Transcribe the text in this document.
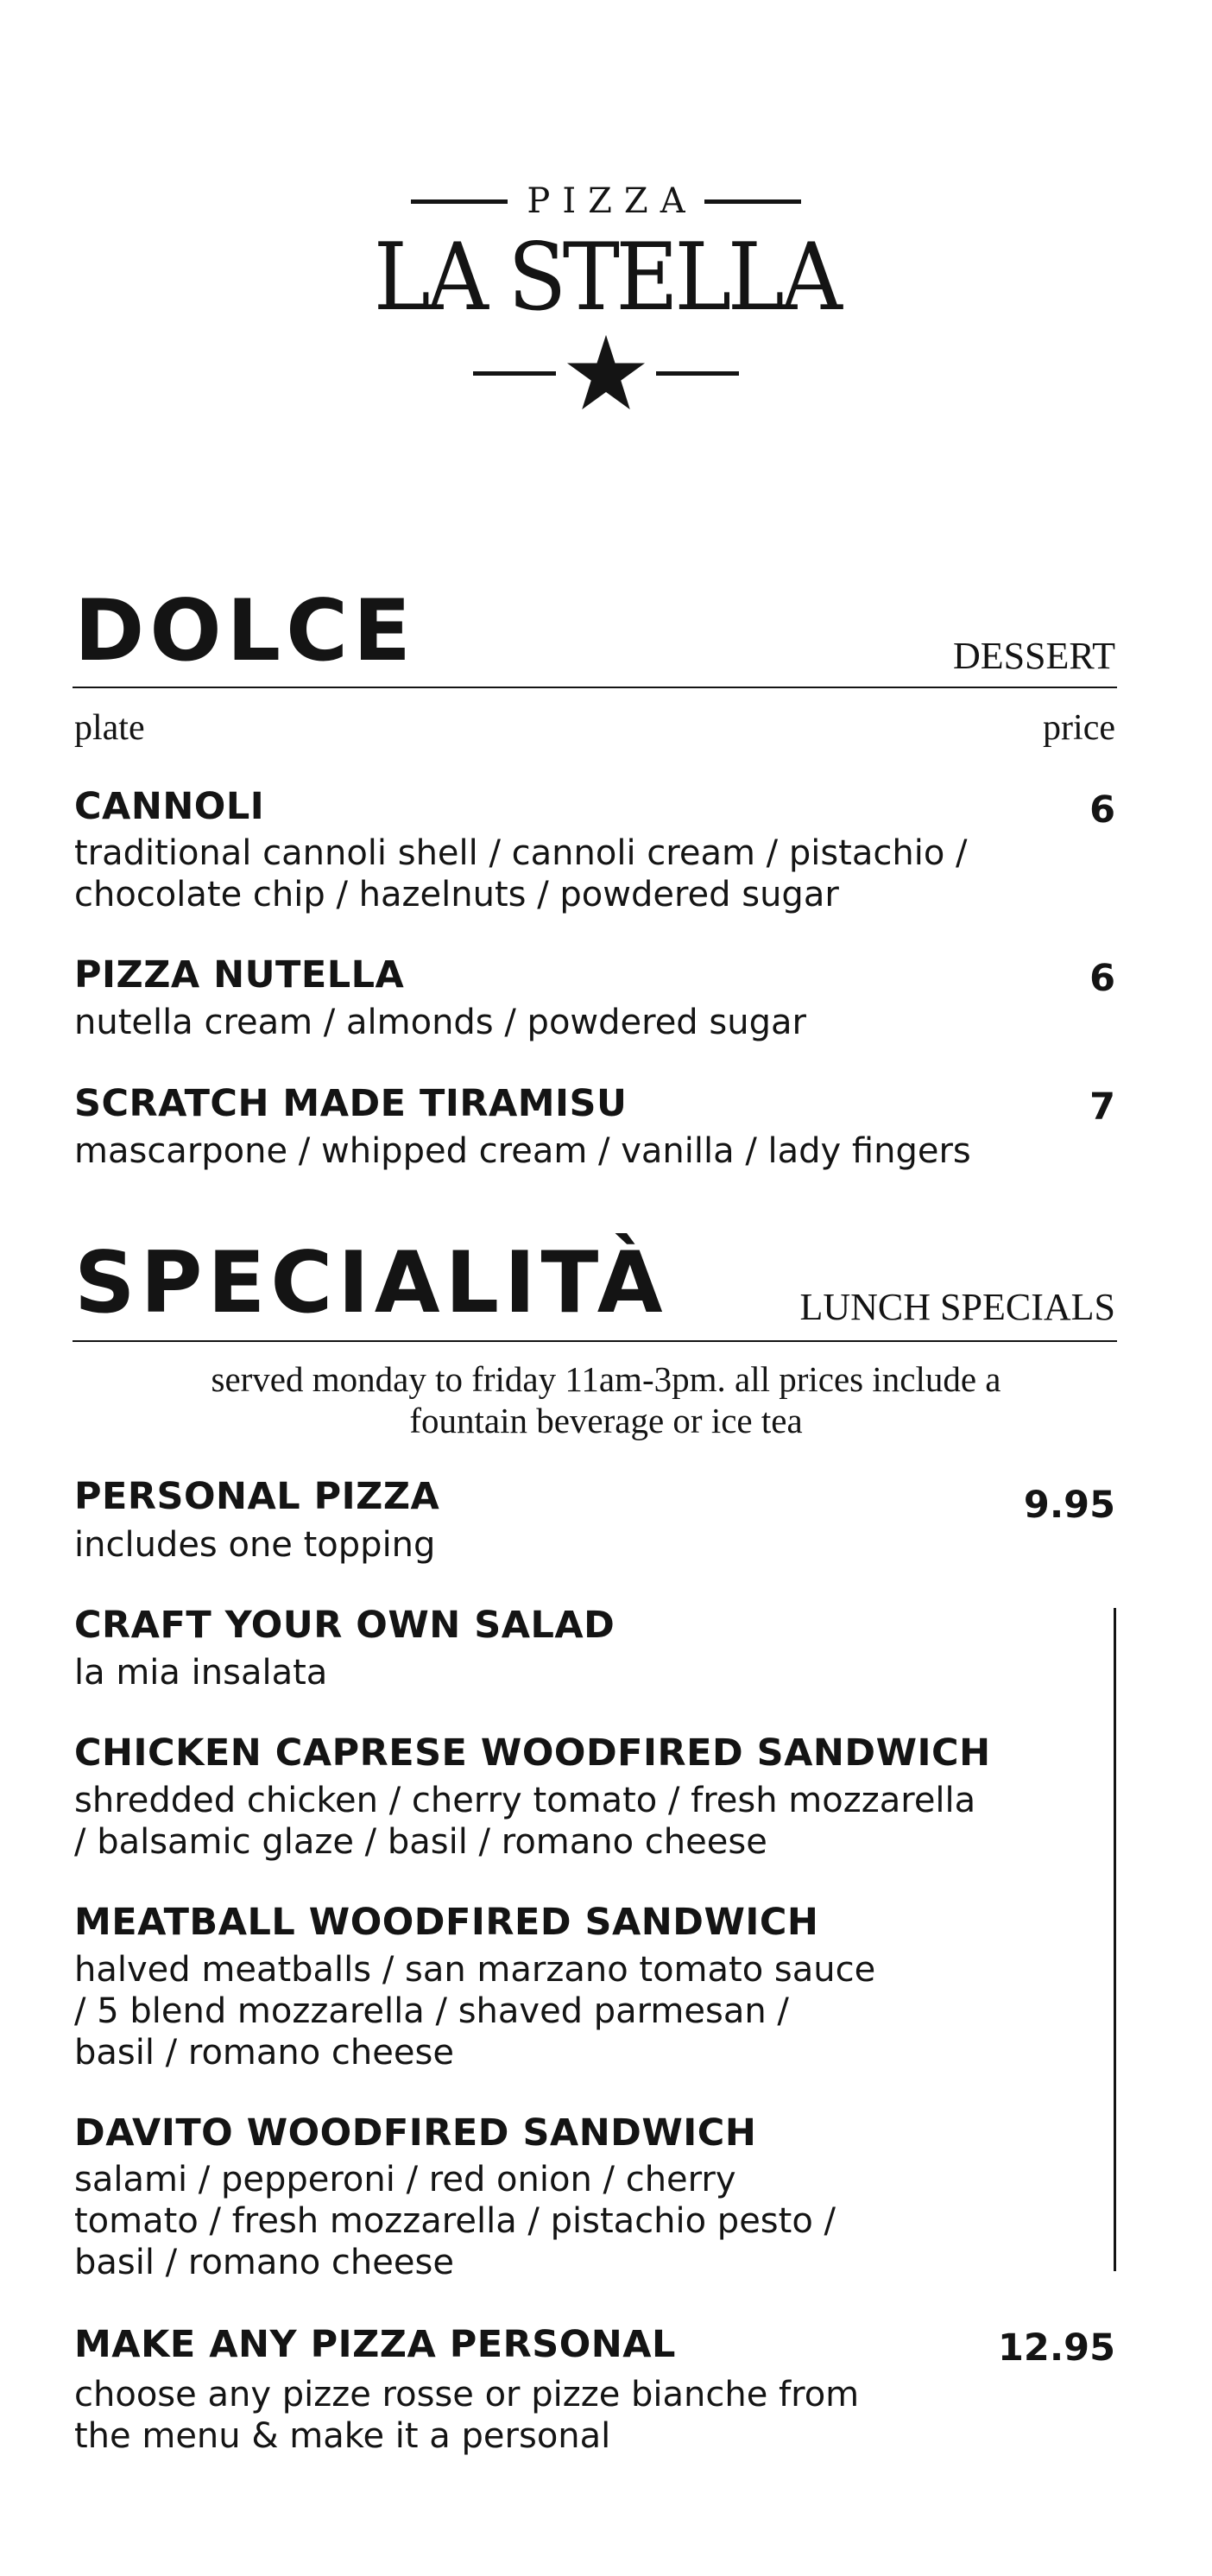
PIZZA
LA STELLA
DOLCE	DESSERT
plate	price
CANNOLI	6
traditional cannoli shell / cannoli cream / pistachio /
chocolate chip / hazelnuts / powdered sugar
PIZZA NUTELLA	6
nutella cream / almonds / powdered sugar
SCRATCH MADE TIRAMISU	7
mascarpone / whipped cream / vanilla / lady fingers
SPECIALITÀ	LUNCH SPECIALS
served monday to friday 11am-3pm. all prices include a
fountain beverage or ice tea
PERSONAL PIZZA	9.95
includes one topping
CRAFT YOUR OWN SALAD
la mia insalata
CHICKEN CAPRESE WOODFIRED SANDWICH
shredded chicken / cherry tomato / fresh mozzarella
/ balsamic glaze / basil / romano cheese
MEATBALL WOODFIRED SANDWICH
halved meatballs / san marzano tomato sauce
/ 5 blend mozzarella / shaved parmesan /
basil / romano cheese
DAVITO WOODFIRED SANDWICH
salami / pepperoni / red onion / cherry
tomato / fresh mozzarella / pistachio pesto /
basil / romano cheese
MAKE ANY PIZZA PERSONAL	12.95
choose any pizze rosse or pizze bianche from
the menu & make it a personal
